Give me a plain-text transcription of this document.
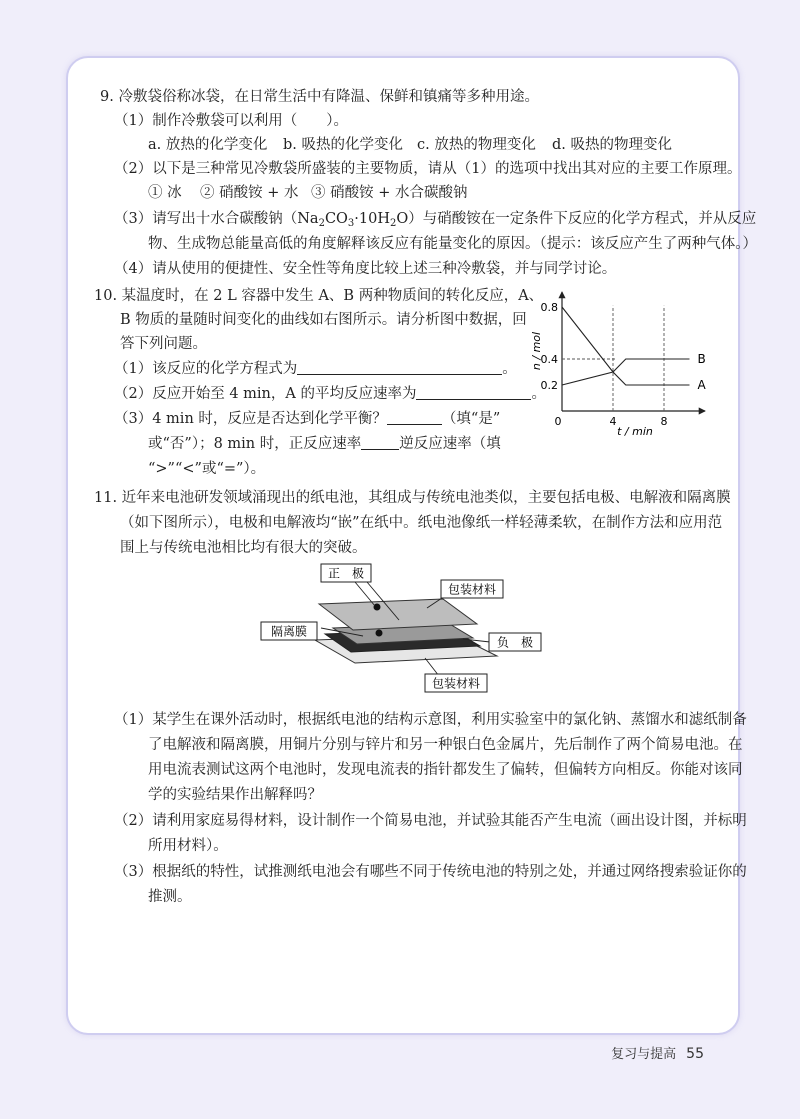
9. 冷敷袋俗称冰袋，在日常生活中有降温、保鲜和镇痛等多种用途。
（1）制作冷敷袋可以利用（　　）。
a. 放热的化学变化 b. 吸热的化学变化 c. 放热的物理变化 d. 吸热的物理变化
（2）以下是三种常见冷敷袋所盛装的主要物质，请从（1）的选项中找出其对应的主要工作原理。
① 冰 ② 硝酸铵 + 水 ③ 硝酸铵 + 水合碳酸钠
（3）请写出十水合碳酸钠$(Na_2CO_3\cdot 10H_2O)$与硝酸铵在一定条件下反应的化学方程式，并从反应
物、生成物总能量高低的角度解释该反应有能量变化的原因。（提示：该反应产生了两种气体。）
（4）请从使用的便捷性、安全性等角度比较上述三种冷敷袋，并与同学讨论。
10. 某温度时，在 2 L 容器中发生 A、B 两种物质间的转化反应，A、
B 物质的量随时间变化的曲线如右图所示。请分析图中数据，回
答下列问题。
（1）该反应的化学方程式为	。
（2）反应开始至 4 min，A 的平均反应速率为	。
（3）4 min 时，反应是否达到化学平衡？	（填“是”
或“否”）；8 min 时，正反应速率	逆反应速率（填
“>”“<”或“=”）。
A
B
0	4	8
0.2
0.4
0.8
n / mol
t / min
11. 近年来电池研发领域涌现出的纸电池，其组成与传统电池类似，主要包括电极、电解液和隔离膜
（如下图所示），电极和电解液均“嵌”在纸中。纸电池像纸一样轻薄柔软，在制作方法和应用范
围上与传统电池相比均有很大的突破。
正　极
包装材料
隔离膜
负　极
包装材料
（1）某学生在课外活动时，根据纸电池的结构示意图，利用实验室中的氯化钠、蒸馏水和滤纸制备
了电解液和隔离膜，用铜片分别与锌片和另一种银白色金属片，先后制作了两个简易电池。在
用电流表测试这两个电池时，发现电流表的指针都发生了偏转，但偏转方向相反。你能对该同
学的实验结果作出解释吗？
（2）请利用家庭易得材料，设计制作一个简易电池，并试验其能否产生电流（画出设计图，并标明
所用材料）。
（3）根据纸的特性，试推测纸电池会有哪些不同于传统电池的特别之处，并通过网络搜索验证你的
推测。
复习与提高 55
